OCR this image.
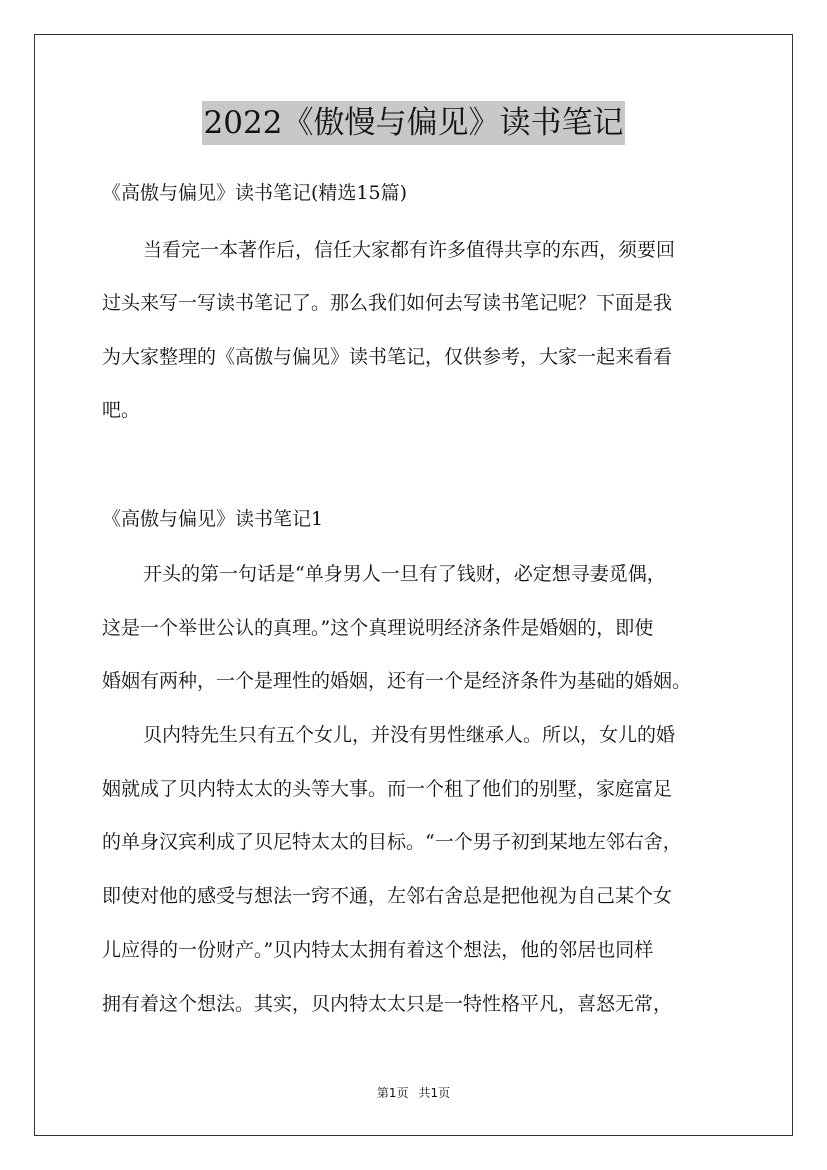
2022《傲慢与偏见》读书笔记
《高傲与偏见》读书笔记(精选15篇)
当看完一本著作后，信任大家都有许多值得共享的东西，须要回
过头来写一写读书笔记了。那么我们如何去写读书笔记呢？下面是我
为大家整理的《高傲与偏见》读书笔记，仅供参考，大家一起来看看
吧。
《高傲与偏见》读书笔记1
开头的第一句话是“单身男人一旦有了钱财，必定想寻妻觅偶，
这是一个举世公认的真理。”这个真理说明经济条件是婚姻的，即使
婚姻有两种，一个是理性的婚姻，还有一个是经济条件为基础的婚姻。
贝内特先生只有五个女儿，并没有男性继承人。所以，女儿的婚
姻就成了贝内特太太的头等大事。而一个租了他们的别墅，家庭富足
的单身汉宾利成了贝尼特太太的目标。“一个男子初到某地左邻右舍，
即使对他的感受与想法一窍不通，左邻右舍总是把他视为自己某个女
儿应得的一份财产。”贝内特太太拥有着这个想法，他的邻居也同样
拥有着这个想法。其实，贝内特太太只是一特性格平凡，喜怒无常，
第1页 共1页
